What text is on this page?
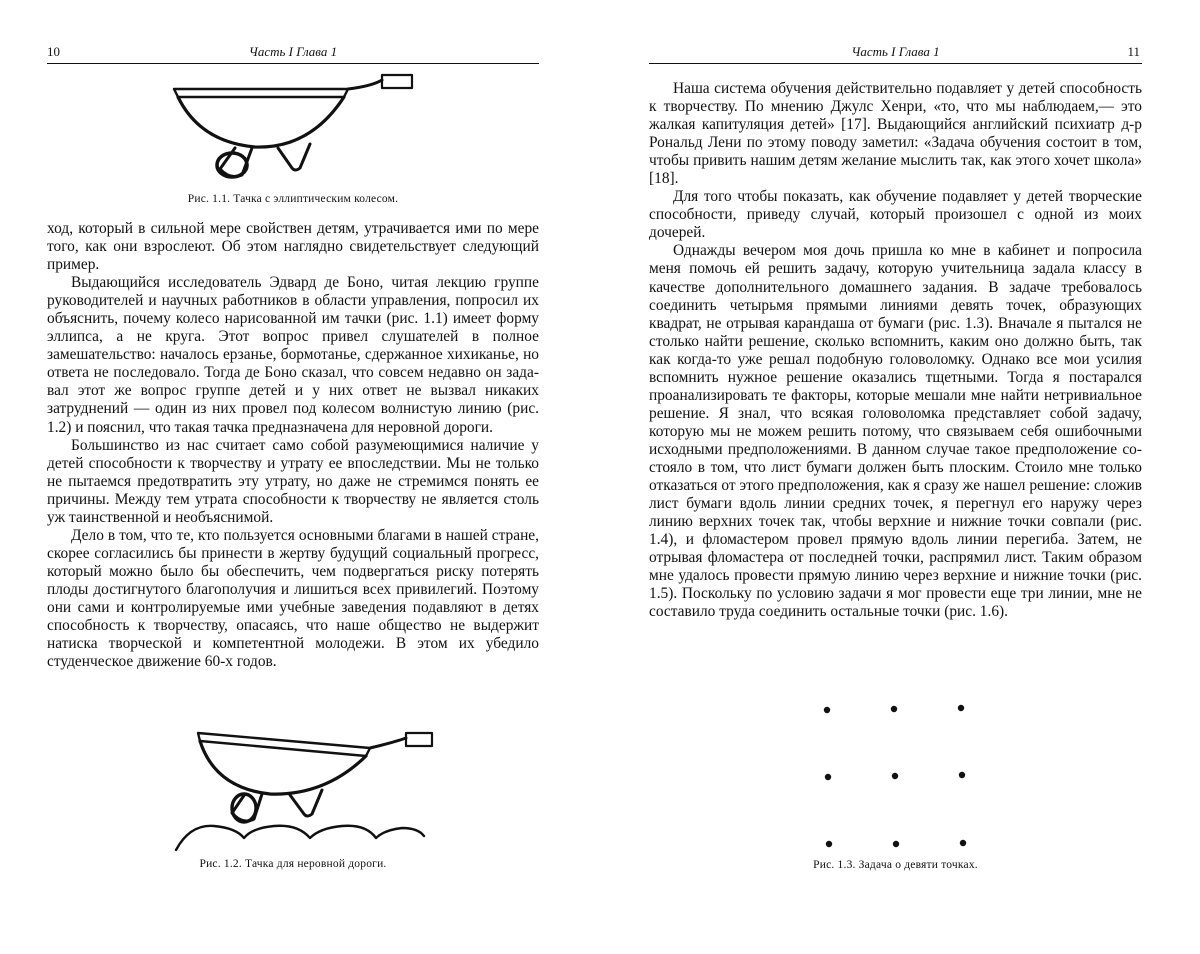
10	Часть I Глава 1
Рис. 1.1. Тачка с эллиптическим колесом.

ход, который в сильной мере свойствен детям, утрачивается ими по мере того, как они взрослеют. Об этом наглядно свидетельствует следующий пример.

Выдающийся исследователь Эдвард де Боно, читая лекцию группе руководителей и научных работников в области управления, попросил их объяснить, почему колесо нарисованной им тачки (рис. 1.1) имеет форму эллипса, а не круга. Этот вопрос привел слушателей в полное замешательство: началось ерзанье, бормотанье, сдержанное хихиканье, но ответа не последовало. Тогда де Боно сказал, что совсем недавно он задавал этот же вопрос группе детей и у них ответ не вызвал никаких затруднений — один из них провел под колесом волнистую линию (рис. 1.2) и пояснил, что такая тачка предназначена для неровной дороги.

Большинство из нас считает само собой разумеющимися наличие у детей способности к творчеству и утрату ее впоследствии. Мы не только не пытаемся предотвратить эту утрату, но даже не стремимся понять ее причины. Между тем утрата способности к творчеству не является столь уж таинственной и необъяснимой.

Дело в том, что те, кто пользуется основными благами в нашей стране, скорее согласились бы принести в жертву будущий социальный прогресс, который можно было бы обеспечить, чем подвергаться риску потерять плоды достигнутого благополучия и лишиться всех привилегий. Поэтому они сами и контролируемые ими учебные заведения подавляют в детях способность к творчеству, опасаясь, что наше общество не выдержит натиска творческой и компетентной молодежи. В этом их убедило студенческое движение 60-х годов.

Рис. 1.2. Тачка для неровной дороги.
Часть I Глава 1	11

Наша система обучения действительно подавляет у детей способность к творчеству. По мнению Джулс Хенри, «то, что мы наблюдаем,— это жалкая капитуляция детей» [17]. Выдающийся английский психиатр д-р Рональд Лени по этому поводу заметил: «Задача обучения состоит в том, чтобы привить нашим детям желание мыслить так, как этого хочет школа» [18].

Для того чтобы показать, как обучение подавляет у детей творческие способности, приведу случай, который произошел с одной из моих дочерей.

Однажды вечером моя дочь пришла ко мне в кабинет и попросила меня помочь ей решить задачу, которую учительница задала классу в качестве дополнительного домашнего задания. В задаче требовалось соединить четырьмя прямыми линиями девять точек, образующих квадрат, не отрывая карандаша от бумаги (рис. 1.3). Вначале я пытался не столько найти решение, сколько вспомнить, каким оно должно быть, так как когда-то уже решал подобную головоломку. Однако все мои усилия вспомнить нужное решение оказались тщетными. Тогда я постарался проанализировать те факторы, которые мешали мне найти нетривиальное решение. Я знал, что всякая головоломка представляет собой задачу, которую мы не можем решить потому, что связываем себя ошибочными исходными предположениями. В данном случае такое предположение состояло в том, что лист бумаги должен быть плоским. Стоило мне только отказаться от этого предположения, как я сразу же нашел решение: сложив лист бумаги вдоль линии средних точек, я перегнул его наружу через линию верхних точек так, чтобы верхние и нижние точки совпали (рис. 1.4), и фломастером провел прямую вдоль линии перегиба. Затем, не отрывая фломастера от последней точки, распрямил лист. Таким образом мне удалось провести прямую линию через верхние и нижние точки (рис. 1.5). Поскольку по условию задачи я мог провести еще три линии, мне не составило труда соединить остальные точки (рис. 1.6).

Рис. 1.3. Задача о девяти точках.
